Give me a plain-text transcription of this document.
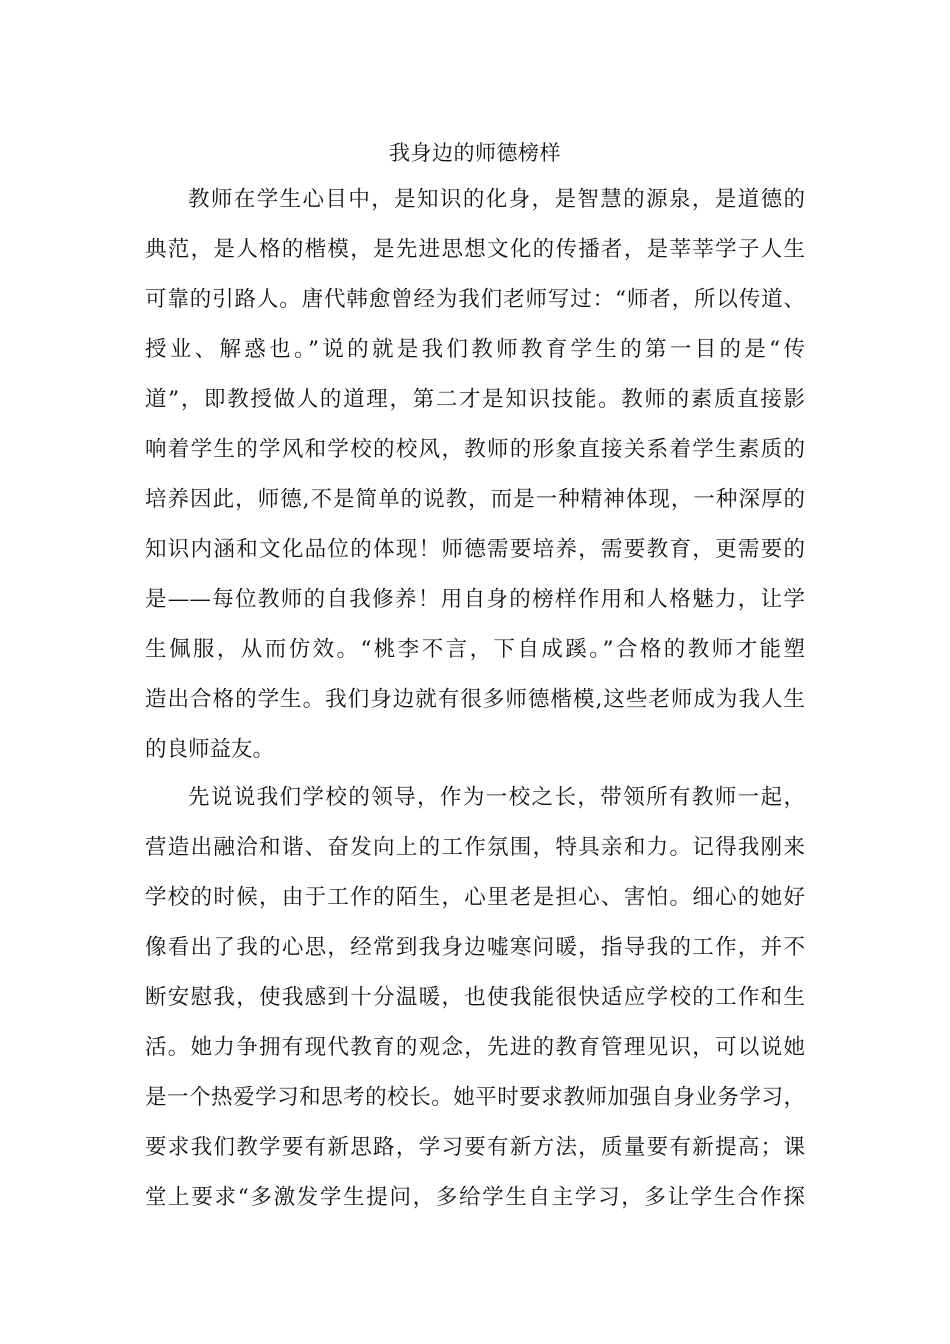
我身边的师德榜样

教师在学生心目中，是知识的化身，是智慧的源泉，是道德的
典范，是人格的楷模，是先进思想文化的传播者，是莘莘学子人生
可靠的引路人。唐代韩愈曾经为我们老师写过：“师者，所以传道、
授业、解惑也。”说的就是我们教师教育学生的第一目的是“传
道”，即教授做人的道理，第二才是知识技能。教师的素质直接影
响着学生的学风和学校的校风，教师的形象直接关系着学生素质的
培养因此，师德,不是简单的说教，而是一种精神体现，一种深厚的
知识内涵和文化品位的体现！师德需要培养，需要教育，更需要的
是——每位教师的自我修养！用自身的榜样作用和人格魅力，让学
生佩服，从而仿效。“桃李不言，下自成蹊。”合格的教师才能塑
造出合格的学生。我们身边就有很多师德楷模,这些老师成为我人生
的良师益友。

先说说我们学校的领导，作为一校之长，带领所有教师一起，
营造出融洽和谐、奋发向上的工作氛围，特具亲和力。记得我刚来
学校的时候，由于工作的陌生，心里老是担心、害怕。细心的她好
像看出了我的心思，经常到我身边嘘寒问暖，指导我的工作，并不
断安慰我，使我感到十分温暖，也使我能很快适应学校的工作和生
活。她力争拥有现代教育的观念，先进的教育管理见识，可以说她
是一个热爱学习和思考的校长。她平时要求教师加强自身业务学习，
要求我们教学要有新思路，学习要有新方法，质量要有新提高；课
堂上要求“多激发学生提问，多给学生自主学习，多让学生合作探
